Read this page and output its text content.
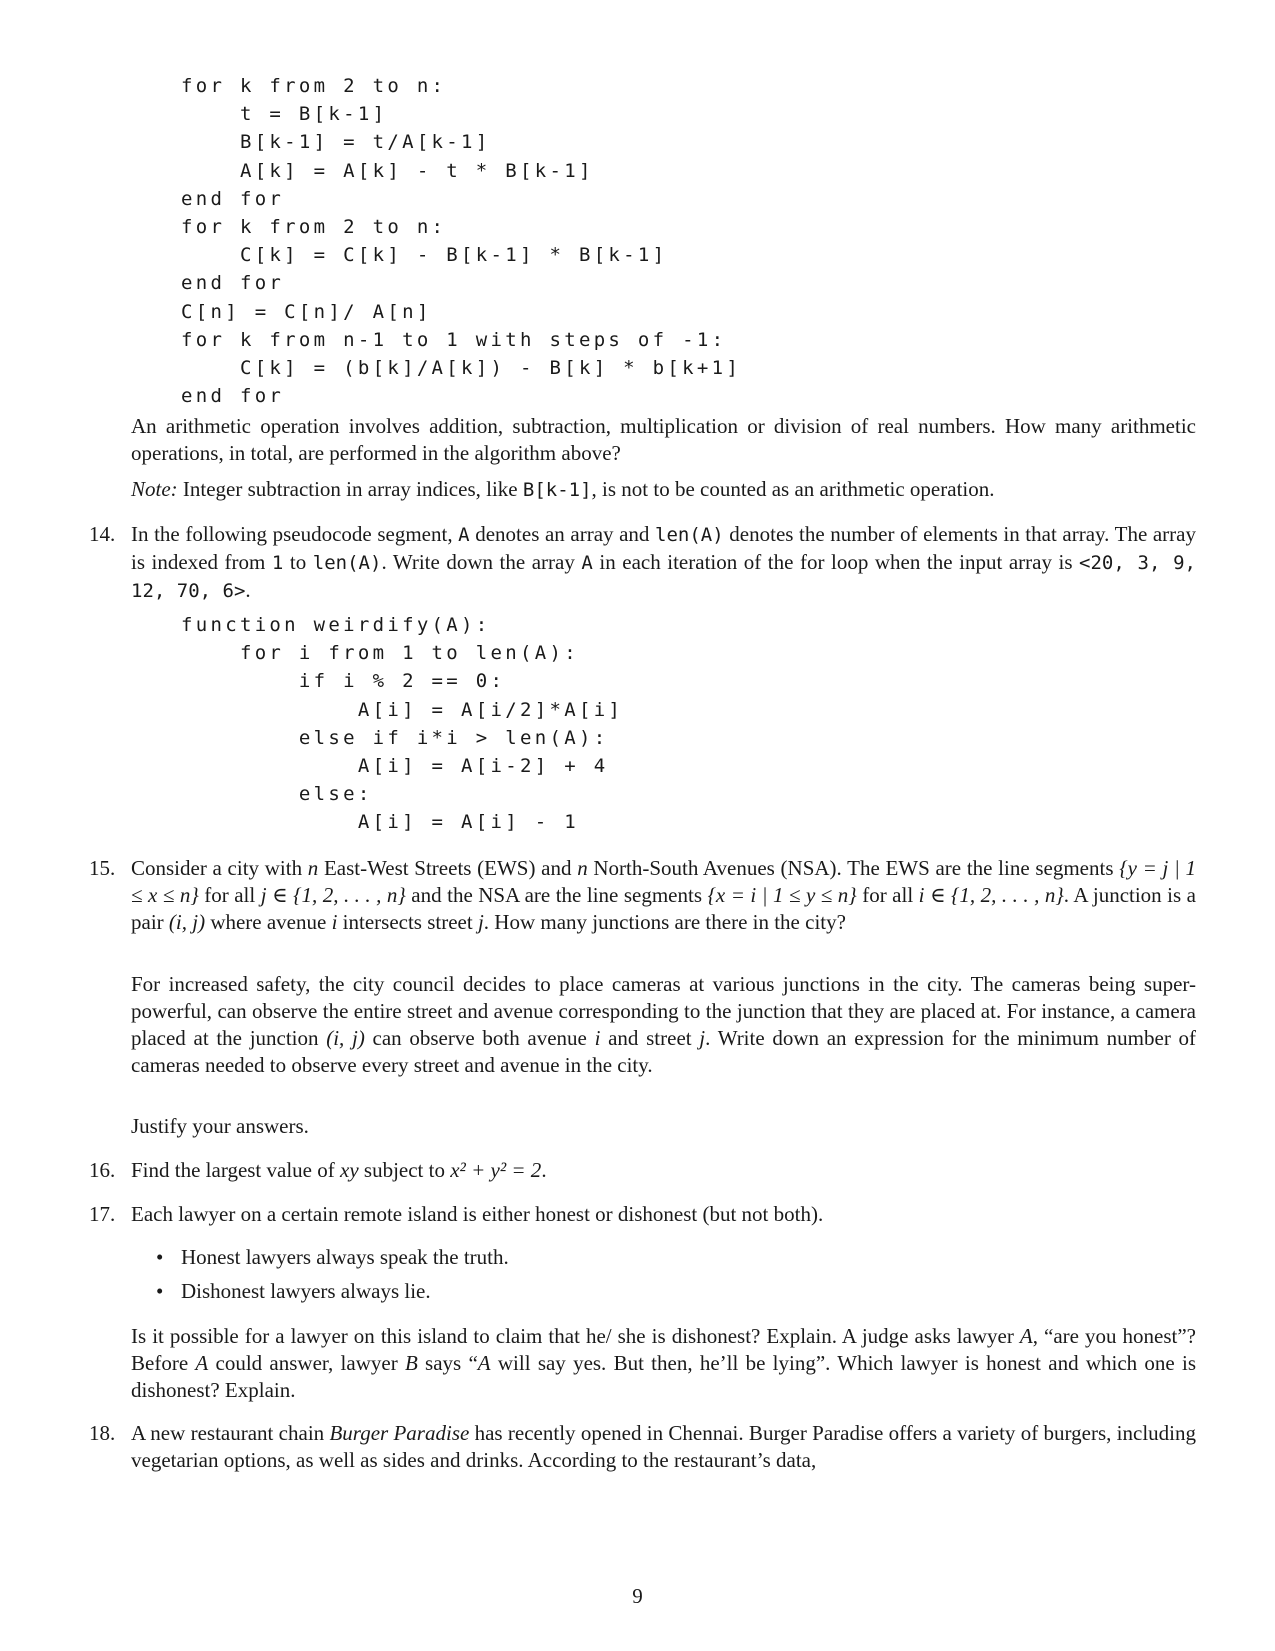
for k from 2 to n:
t = B[k-1]
B[k-1] = t/A[k-1]
A[k] = A[k] - t * B[k-1]
end for
for k from 2 to n:
C[k] = C[k] - B[k-1] * B[k-1]
end for
C[n] = C[n]/ A[n]
for k from n-1 to 1 with steps of -1:
C[k] = (b[k]/A[k]) - B[k] * b[k+1]
end for

An arithmetic operation involves addition, subtraction, multiplication or division of real numbers. How many arithmetic operations, in total, are performed in the algorithm above?

Note: Integer subtraction in array indices, like B[k-1], is not to be counted as an arithmetic operation.

14. In the following pseudocode segment, A denotes an array and len(A) denotes the number of elements in that array. The array is indexed from 1 to len(A). Write down the array A in each iteration of the for loop when the input array is <20, 3, 9, 12, 70, 6>.

function weirdify(A):
for i from 1 to len(A):
if i % 2 == 0:
A[i] = A[i/2]*A[i]
else if i*i > len(A):
A[i] = A[i-2] + 4
else:
A[i] = A[i] - 1
15. Consider a city with n East-West Streets (EWS) and n North-South Avenues (NSA). The EWS are the line segments {y = j | 1 ≤ x ≤ n} for all j ∈ {1, 2, . . . , n} and the NSA are the line segments {x = i | 1 ≤ y ≤ n} for all i ∈ {1, 2, . . . , n}. A junction is a pair (i, j) where avenue i intersects street j. How many junctions are there in the city?

For increased safety, the city council decides to place cameras at various junctions in the city. The cameras being super-powerful, can observe the entire street and avenue corresponding to the junction that they are placed at. For instance, a camera placed at the junction (i, j) can observe both avenue i and street j. Write down an expression for the minimum number of cameras needed to observe every street and avenue in the city.

Justify your answers.

16. Find the largest value of xy subject to x² + y² = 2.

17. Each lawyer on a certain remote island is either honest or dishonest (but not both).

• Honest lawyers always speak the truth.
• Dishonest lawyers always lie.

Is it possible for a lawyer on this island to claim that he/ she is dishonest? Explain. A judge asks lawyer A, “are you honest”? Before A could answer, lawyer B says “A will say yes. But then, he’ll be lying”. Which lawyer is honest and which one is dishonest? Explain.

18. A new restaurant chain Burger Paradise has recently opened in Chennai. Burger Paradise offers a variety of burgers, including vegetarian options, as well as sides and drinks. According to the restaurant’s data,

9
